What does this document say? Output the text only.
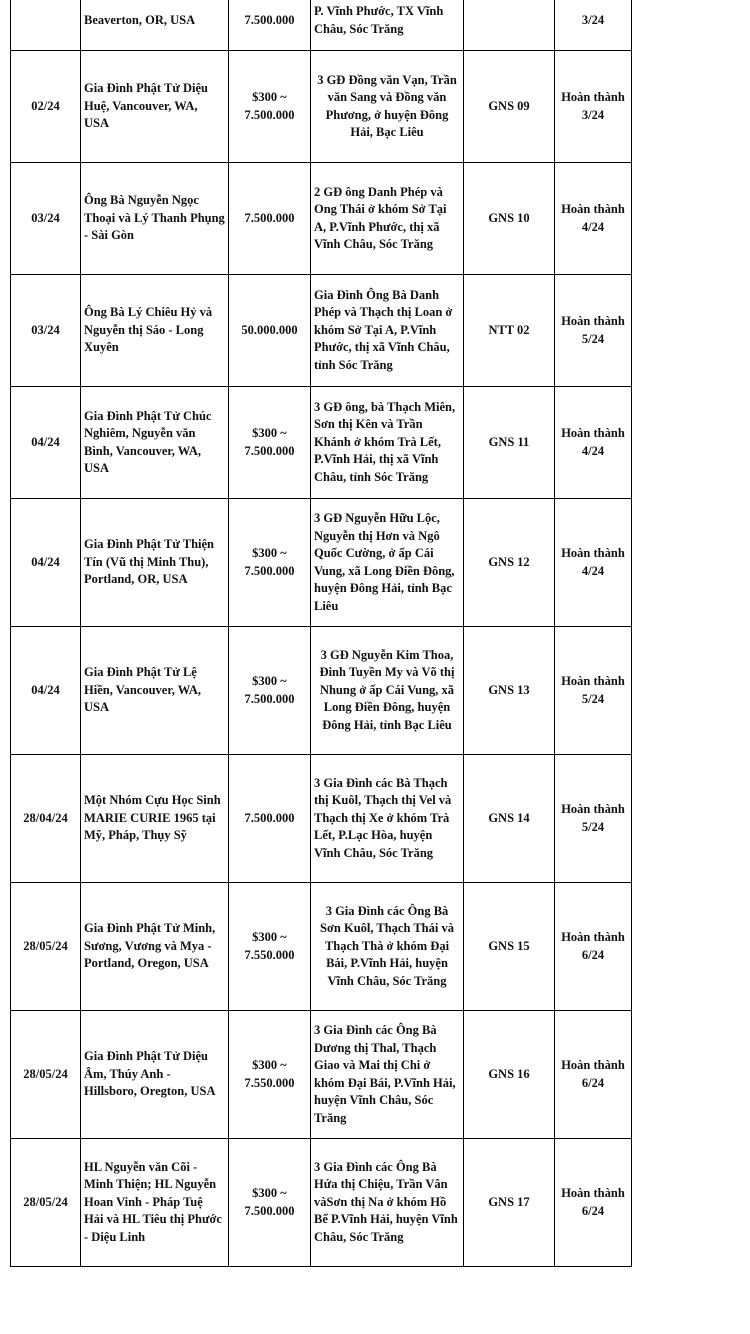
	Beaverton, OR, USA	7.500.000	P. Vĩnh Phước, TX Vĩnh Châu, Sóc Trăng		3/24	
02/24	Gia Đình Phật Tử Diệu Huệ, Vancouver, WA, USA	$300 ~ 7.500.000	3 GĐ Đồng văn Vạn, Trần văn Sang và Đồng văn Phương, ở huyện Đông Hải, Bạc Liêu	GNS 09	Hoàn thành 3/24	
03/24	Ông Bà Nguyễn Ngọc Thoại và Lý Thanh Phụng - Sài Gòn	7.500.000	2 GĐ ông Danh Phép và Ong Thái ở khóm Sở Tại A, P.Vĩnh Phước, thị xã Vĩnh Châu, Sóc Trăng	GNS 10	Hoàn thành 4/24	
03/24	Ông Bà Lý Chiêu Hỷ và Nguyễn thị Sáo - Long Xuyên	50.000.000	Gia Đình Ông Bà Danh Phép và Thạch thị Loan ở khóm Sở Tại A, P.Vĩnh Phước, thị xã Vĩnh Châu, tỉnh Sóc Trăng	NTT 02	Hoàn thành 5/24	
04/24	Gia Đình Phật Tử Chúc Nghiêm, Nguyễn văn Bình, Vancouver, WA, USA	$300 ~ 7.500.000	3 GĐ ông, bà Thạch Miên, Sơn thị Kên và Trần Khánh ở khóm Trà Lết, P.Vĩnh Hải, thị xã Vĩnh Châu, tỉnh Sóc Trăng	GNS 11	Hoàn thành 4/24	
04/24	Gia Đình Phật Tử Thiện Tín (Vũ thị Minh Thu), Portland, OR, USA	$300 ~ 7.500.000	3 GĐ Nguyễn Hữu Lộc, Nguyễn thị Hơn và Ngô Quốc Cường, ở ấp Cái Vung, xã Long Điền Đông, huyện Đông Hải, tỉnh Bạc Liêu	GNS 12	Hoàn thành 4/24	
04/24	Gia Đình Phật Tử Lệ Hiền, Vancouver, WA, USA	$300 ~ 7.500.000	3 GĐ Nguyễn Kim Thoa, Đinh Tuyền My và Võ thị Nhung ở ấp Cái Vung, xã Long Điền Đông, huyện Đông Hải, tỉnh Bạc Liêu	GNS 13	Hoàn thành 5/24	
28/04/24	Một Nhóm Cựu Học Sinh MARIE CURIE 1965 tại Mỹ, Pháp, Thụy Sỹ	7.500.000	3 Gia Đình các Bà Thạch thị Kuôl, Thạch thị Vel và Thạch thị Xe ở khóm Trà Lết, P.Lạc Hòa, huyện Vĩnh Châu, Sóc Trăng	GNS 14	Hoàn thành 5/24	
28/05/24	Gia Đình Phật Tử Minh, Sương, Vương và Mya - Portland, Oregon, USA	$300 ~ 7.550.000	3 Gia Đình các Ông Bà Sơn Kuôl, Thạch Thái và Thạch Thà ở khóm Đại Bái, P.Vĩnh Hải, huyện Vĩnh Châu, Sóc Trăng	GNS 15	Hoàn thành 6/24	
28/05/24	Gia Đình Phật Tử Diệu Âm, Thúy Anh - Hillsboro, Oregton, USA	$300 ~ 7.550.000	3 Gia Đình các Ông Bà Dương thị Thal, Thạch Giao và Mai thị Chi ở khóm Đại Bái, P.Vĩnh Hải, huyện Vĩnh Châu, Sóc Trăng	GNS 16	Hoàn thành 6/24	
28/05/24	HL Nguyễn văn Cõi - Minh Thiện; HL Nguyễn Hoan Vinh - Pháp Tuệ Hải và HL Tiêu thị Phước - Diệu Linh	$300 ~ 7.500.000	3 Gia Đình các Ông Bà Hứa thị Chiệu, Trần Vân vàSơn thị Na ở khóm Hồ Bể P.Vĩnh Hải, huyện Vĩnh Châu, Sóc Trăng	GNS 17	Hoàn thành 6/24	
